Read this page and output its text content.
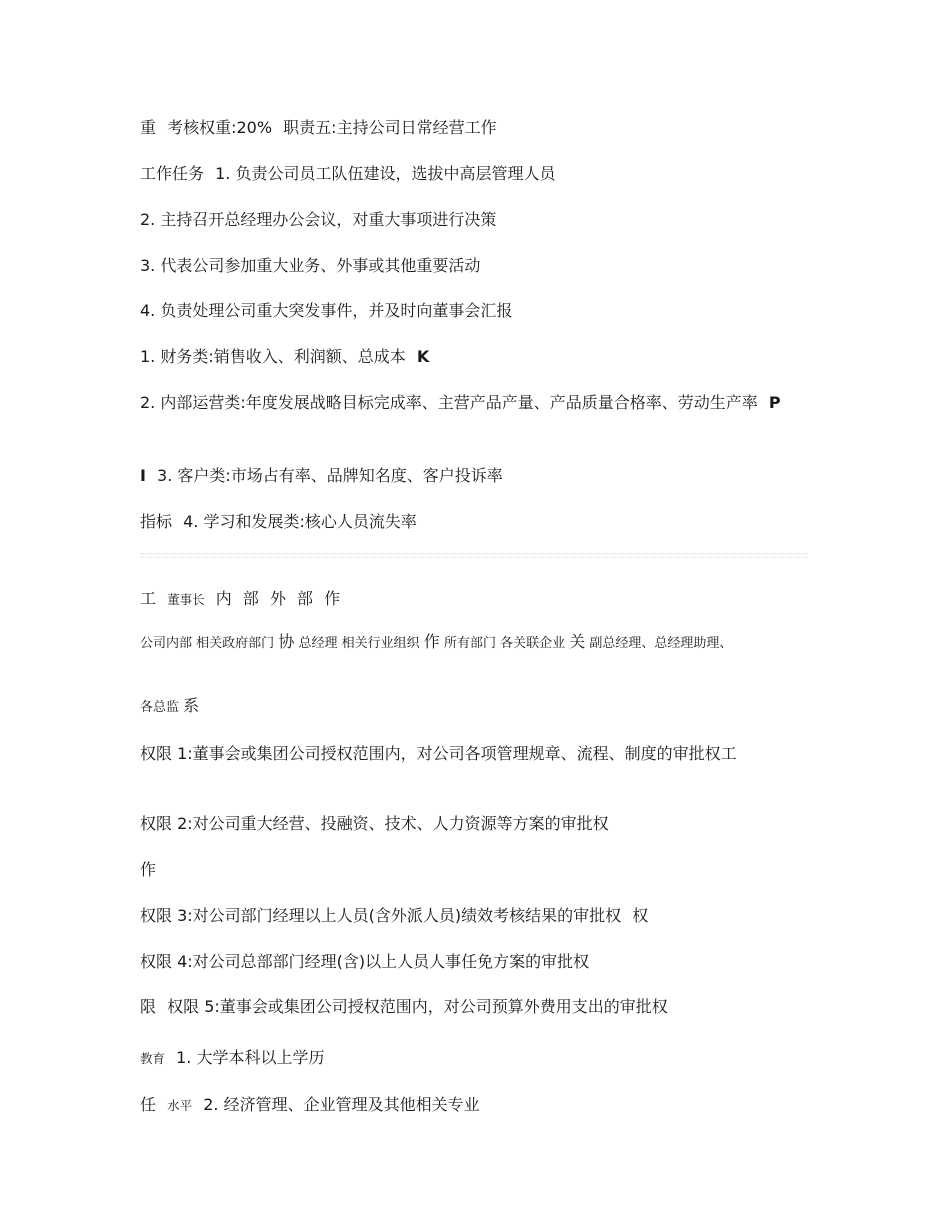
重 考核权重:20% 职责五:主持公司日常经营工作
工作任务 1. 负责公司员工队伍建设，选拔中高层管理人员
2. 主持召开总经理办公会议，对重大事项进行决策
3. 代表公司参加重大业务、外事或其他重要活动
4. 负责处理公司重大突发事件，并及时向董事会汇报
1. 财务类:销售收入、利润额、总成本 K
2. 内部运营类:年度发展战略目标完成率、主营产品产量、产品质量合格率、劳动生产率 P
I 3. 客户类:市场占有率、品牌知名度、客户投诉率
指标 4. 学习和发展类:核心人员流失率
工 董事长 内 部 外 部 作
公司内部 相关政府部门 协 总经理 相关行业组织 作 所有部门 各关联企业 关 副总经理、总经理助理、
各总监 系
权限 1:董事会或集团公司授权范围内，对公司各项管理规章、流程、制度的审批权工
权限 2:对公司重大经营、投融资、技术、人力资源等方案的审批权
作
权限 3:对公司部门经理以上人员(含外派人员)绩效考核结果的审批权 权
权限 4:对公司总部部门经理(含)以上人员人事任免方案的审批权
限 权限 5:董事会或集团公司授权范围内，对公司预算外费用支出的审批权
教育 1. 大学本科以上学历
任 水平 2. 经济管理、企业管理及其他相关专业
